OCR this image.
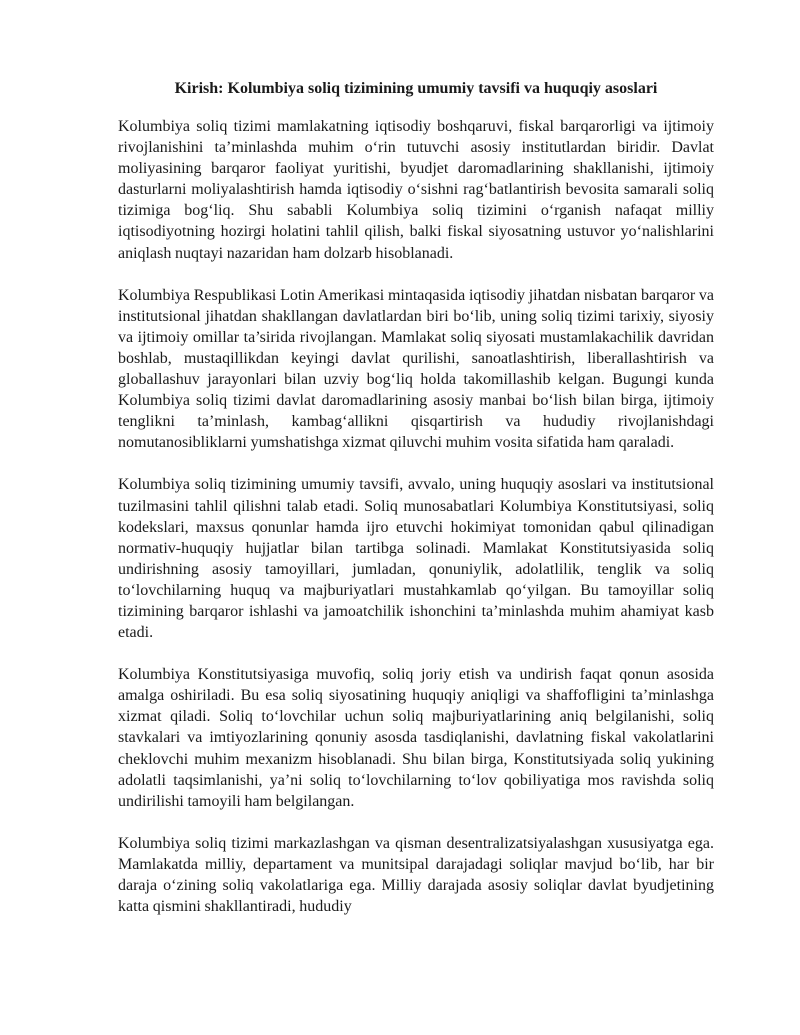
Kirish: Kolumbiya soliq tizimining umumiy tavsifi va huquqiy asoslari

Kolumbiya soliq tizimi mamlakatning iqtisodiy boshqaruvi, fiskal barqarorligi va ijtimoiy rivojlanishini ta’minlashda muhim o‘rin tutuvchi asosiy institutlardan biridir. Davlat moliyasining barqaror faoliyat yuritishi, byudjet daromadlarining shakllanishi, ijtimoiy dasturlarni moliyalashtirish hamda iqtisodiy o‘sishni rag‘batlantirish bevosita samarali soliq tizimiga bog‘liq. Shu sababli Kolumbiya soliq tizimini o‘rganish nafaqat milliy iqtisodiyotning hozirgi holatini tahlil qilish, balki fiskal siyosatning ustuvor yo‘nalishlarini aniqlash nuqtayi nazaridan ham dolzarb hisoblanadi.

Kolumbiya Respublikasi Lotin Amerikasi mintaqasida iqtisodiy jihatdan nisbatan barqaror va institutsional jihatdan shakllangan davlatlardan biri bo‘lib, uning soliq tizimi tarixiy, siyosiy va ijtimoiy omillar ta’sirida rivojlangan. Mamlakat soliq siyosati mustamlakachilik davridan boshlab, mustaqillikdan keyingi davlat qurilishi, sanoatlashtirish, liberallashtirish va globallashuv jarayonlari bilan uzviy bog‘liq holda takomillashib kelgan. Bugungi kunda Kolumbiya soliq tizimi davlat daromadlarining asosiy manbai bo‘lish bilan birga, ijtimoiy tenglikni ta’minlash, kambag‘allikni qisqartirish va hududiy rivojlanishdagi nomutanosibliklarni yumshatishga xizmat qiluvchi muhim vosita sifatida ham qaraladi.

Kolumbiya soliq tizimining umumiy tavsifi, avvalo, uning huquqiy asoslari va institutsional tuzilmasini tahlil qilishni talab etadi. Soliq munosabatlari Kolumbiya Konstitutsiyasi, soliq kodekslari, maxsus qonunlar hamda ijro etuvchi hokimiyat tomonidan qabul qilinadigan normativ-huquqiy hujjatlar bilan tartibga solinadi. Mamlakat Konstitutsiyasida soliq undirishning asosiy tamoyillari, jumladan, qonuniylik, adolatlilik, tenglik va soliq to‘lovchilarning huquq va majburiyatlari mustahkamlab qo‘yilgan. Bu tamoyillar soliq tizimining barqaror ishlashi va jamoatchilik ishonchini ta’minlashda muhim ahamiyat kasb etadi.

Kolumbiya Konstitutsiyasiga muvofiq, soliq joriy etish va undirish faqat qonun asosida amalga oshiriladi. Bu esa soliq siyosatining huquqiy aniqligi va shaffofligini ta’minlashga xizmat qiladi. Soliq to‘lovchilar uchun soliq majburiyatlarining aniq belgilanishi, soliq stavkalari va imtiyozlarining qonuniy asosda tasdiqlanishi, davlatning fiskal vakolatlarini cheklovchi muhim mexanizm hisoblanadi. Shu bilan birga, Konstitutsiyada soliq yukining adolatli taqsimlanishi, ya’ni soliq to‘lovchilarning to‘lov qobiliyatiga mos ravishda soliq undirilishi tamoyili ham belgilangan.

Kolumbiya soliq tizimi markazlashgan va qisman desentralizatsiyalashgan xususiyatga ega. Mamlakatda milliy, departament va munitsipal darajadagi soliqlar mavjud bo‘lib, har bir daraja o‘zining soliq vakolatlariga ega. Milliy darajada asosiy soliqlar davlat byudjetining katta qismini shakllantiradi, hududiy
